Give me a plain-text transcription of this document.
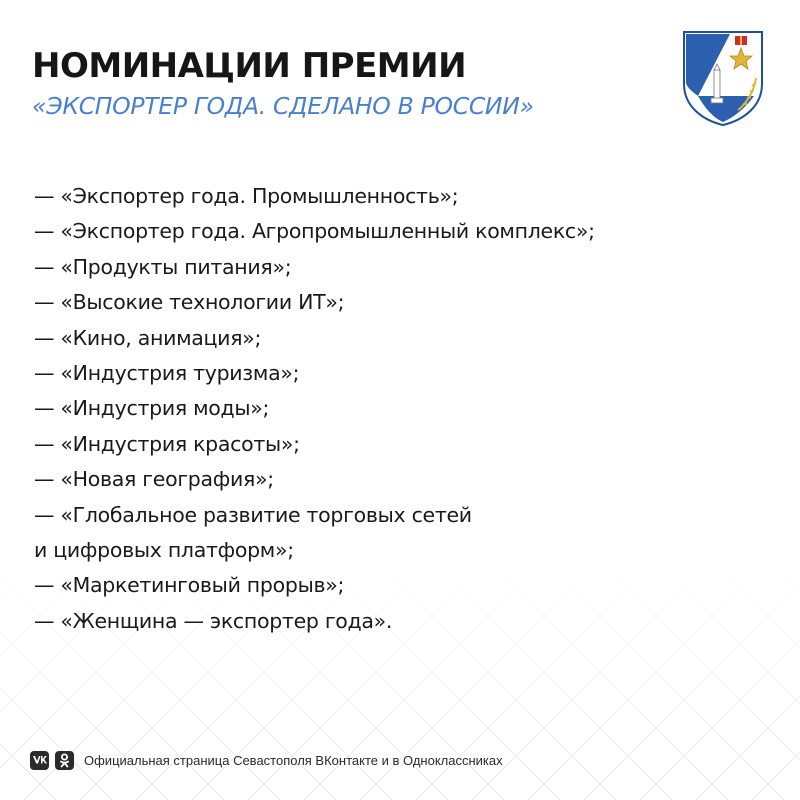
НОМИНАЦИИ ПРЕМИИ
«ЭКСПОРТЕР ГОДА. СДЕЛАНО В РОССИИ»
— «Экспортер года. Промышленность»;
— «Экспортер года. Агропромышленный комплекс»;
— «Продукты питания»;
— «Высокие технологии ИТ»;
— «Кино, анимация»;
— «Индустрия туризма»;
— «Индустрия моды»;
— «Индустрия красоты»;
— «Новая география»;
— «Глобальное развитие торговых сетей
и цифровых платформ»;
— «Маркетинговый прорыв»;
— «Женщина — экспортер года».
Официальная страница Севастополя ВКонтакте и в Одноклассниках
